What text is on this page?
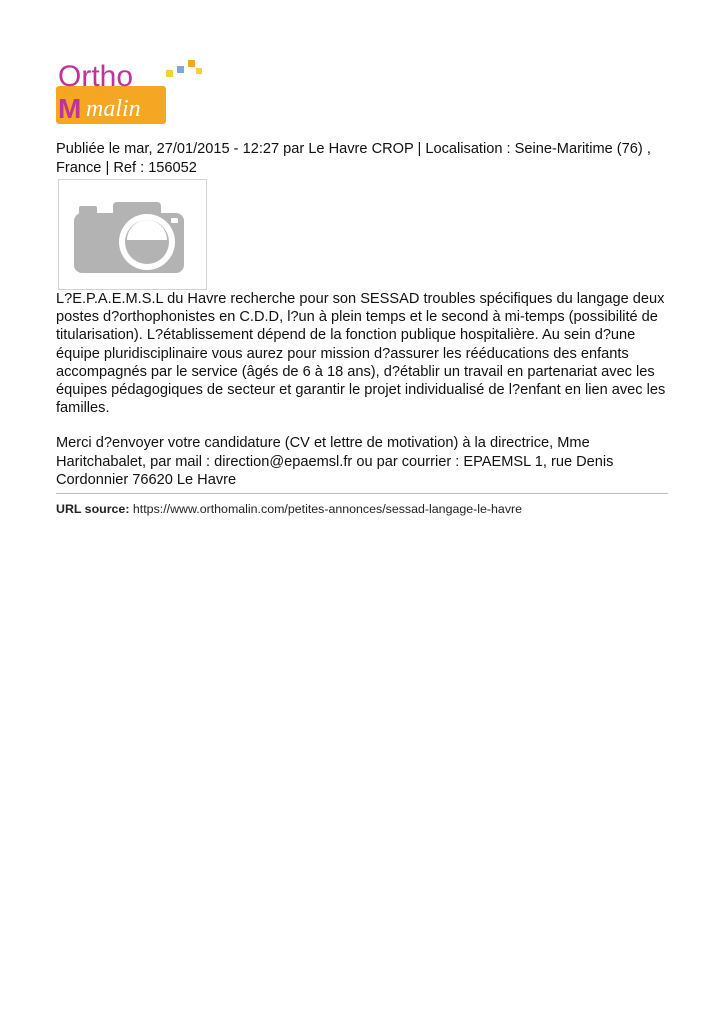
Ortho
M malin
Publiée le mar, 27/01/2015 - 12:27 par Le Havre CROP | Localisation : Seine-Maritime (76) , France | Ref : 156052

L?E.P.A.E.M.S.L du Havre recherche pour son SESSAD troubles spécifiques du langage deux postes d?orthophonistes en C.D.D, l?un à plein temps et le second à mi-temps (possibilité de titularisation). L?établissement dépend de la fonction publique hospitalière. Au sein d?une équipe pluridisciplinaire vous aurez pour mission d?assurer les rééducations des enfants accompagnés par le service (âgés de 6 à 18 ans), d?établir un travail en partenariat avec les équipes pédagogiques de secteur et garantir le projet individualisé de l?enfant en lien avec les familles.

Merci d?envoyer votre candidature (CV et lettre de motivation) à la directrice, Mme Haritchabalet, par mail : direction@epaemsl.fr ou par courrier : EPAEMSL 1, rue Denis Cordonnier 76620 Le Havre

URL source: https://www.orthomalin.com/petites-annonces/sessad-langage-le-havre
